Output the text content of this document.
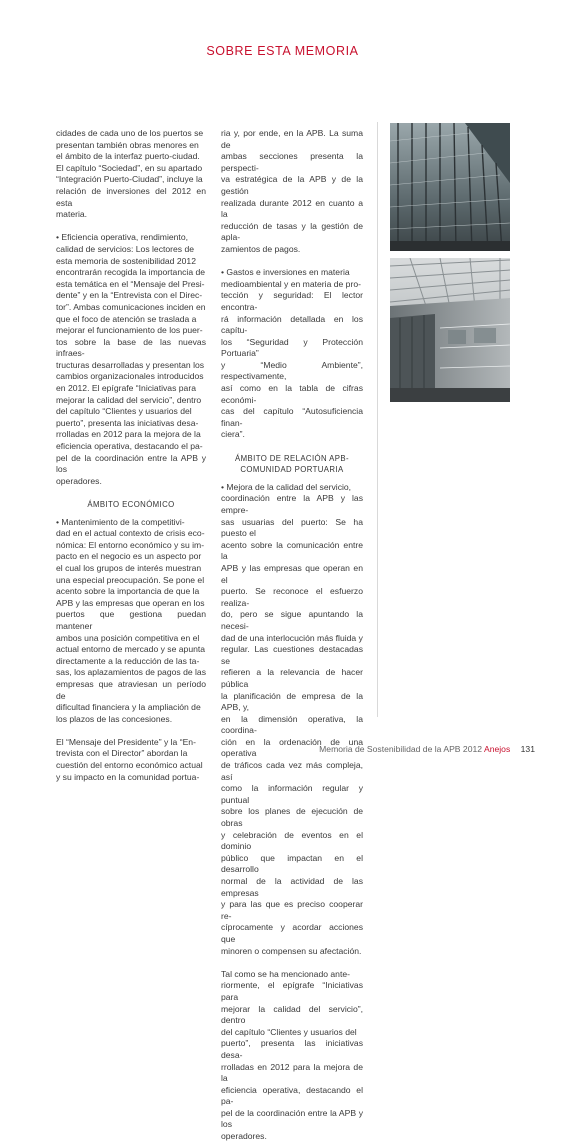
SOBRE ESTA MEMORIA

cidades de cada uno de los puertos se
presentan también obras menores en
el ámbito de la interfaz puerto-ciudad.
El capítulo “Sociedad”, en su apartado
“Integración Puerto-Ciudad”, incluye la
relación de inversiones del 2012 en esta
materia.

• Eficiencia operativa, rendimiento,
calidad de servicios: Los lectores de
esta memoria de sostenibilidad 2012
encontrarán recogida la importancia de
esta temática en el “Mensaje del Presi-
dente” y en la “Entrevista con el Direc-
tor”. Ambas comunicaciones inciden en
que el foco de atención se traslada a
mejorar el funcionamiento de los puer-
tos sobre la base de las nuevas infraes-
tructuras desarrolladas y presentan los
cambios organizacionales introducidos
en 2012. El epígrafe “Iniciativas para
mejorar la calidad del servicio”, dentro
del capítulo “Clientes y usuarios del
puerto”, presenta las iniciativas desa-
rrolladas en 2012 para la mejora de la
eficiencia operativa, destacando el pa-
pel de la coordinación entre la APB y los
operadores.

ÁMBITO ECONÓMICO

• Mantenimiento de la competitivi-
dad en el actual contexto de crisis eco-
nómica: El entorno económico y su im-
pacto en el negocio es un aspecto por
el cual los grupos de interés muestran
una especial preocupación. Se pone el
acento sobre la importancia de que la
APB y las empresas que operan en los
puertos que gestiona puedan mantener
ambos una posición competitiva en el
actual entorno de mercado y se apunta
directamente a la reducción de las ta-
sas, los aplazamientos de pagos de las
empresas que atraviesan un período de
dificultad financiera y la ampliación de
los plazos de las concesiones.

El “Mensaje del Presidente” y la “En-
trevista con el Director” abordan la
cuestión del entorno económico actual
y su impacto en la comunidad portua-

ria y, por ende, en la APB. La suma de
ambas secciones presenta la perspecti-
va estratégica de la APB y de la gestión
realizada durante 2012 en cuanto a la
reducción de tasas y la gestión de apla-
zamientos de pagos.

• Gastos e inversiones en materia
medioambiental y en materia de pro-
tección y seguridad: El lector encontra-
rá información detallada en los capítu-
los “Seguridad y Protección Portuaria”
y “Medio Ambiente”, respectivamente,
así como en la tabla de cifras económi-
cas del capítulo “Autosuficiencia finan-
ciera”.

ÁMBITO DE RELACIÓN APB-
COMUNIDAD PORTUARIA

• Mejora de la calidad del servicio,
coordinación entre la APB y las empre-
sas usuarias del puerto: Se ha puesto el
acento sobre la comunicación entre la
APB y las empresas que operan en el
puerto. Se reconoce el esfuerzo realiza-
do, pero se sigue apuntando la necesi-
dad de una interlocución más fluida y
regular. Las cuestiones destacadas se
refieren a la relevancia de hacer pública
la planificación de empresa de la APB, y,
en la dimensión operativa, la coordina-
ción en la ordenación de una operativa
de tráficos cada vez más compleja, así
como la información regular y puntual
sobre los planes de ejecución de obras
y celebración de eventos en el dominio
público que impactan en el desarrollo
normal de la actividad de las empresas
y para las que es preciso cooperar re-
cíprocamente y acordar acciones que
minoren o compensen su afectación.

Tal como se ha mencionado ante-
riormente, el epígrafe “Iniciativas para
mejorar la calidad del servicio”, dentro
del capítulo “Clientes y usuarios del
puerto”, presenta las iniciativas desa-
rrolladas en 2012 para la mejora de la
eficiencia operativa, destacando el pa-
pel de la coordinación entre la APB y los
operadores.

Memoria de Sostenibilidad de la APB 2012 Anejos 131
